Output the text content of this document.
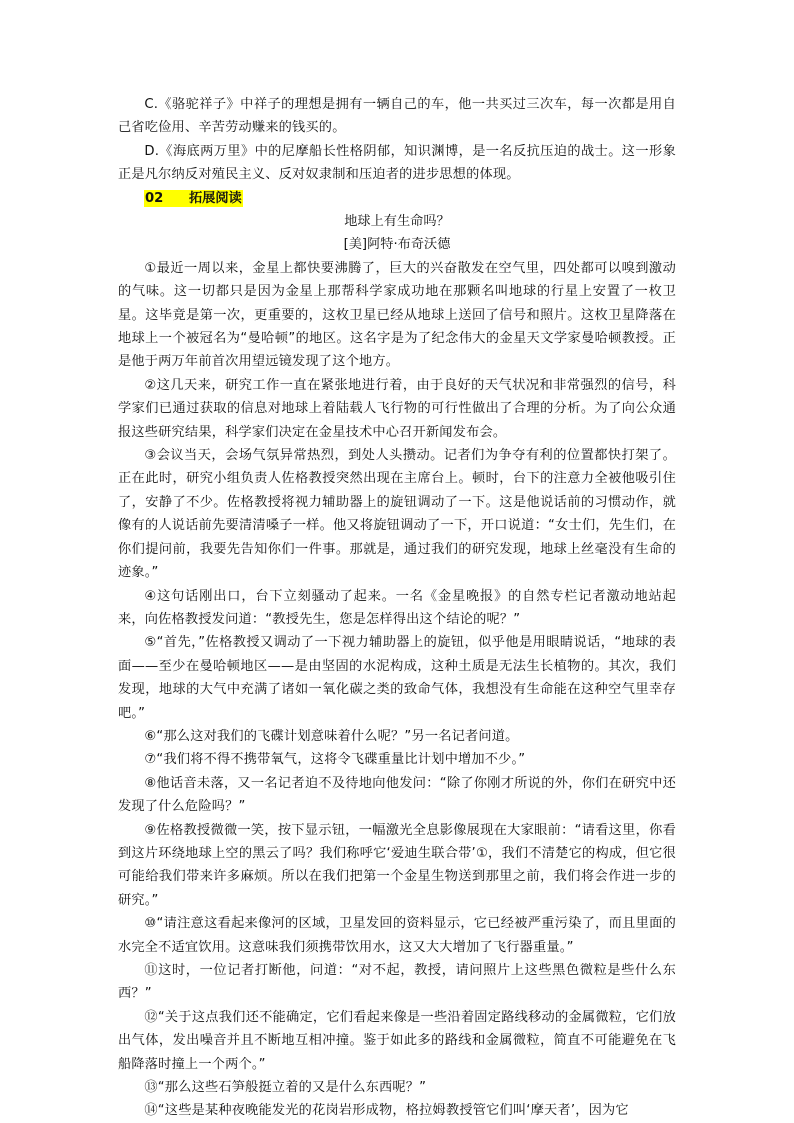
C.《骆驼祥子》中祥子的理想是拥有一辆自己的车，他一共买过三次车，每一次都是用自己省吃俭用、辛苦劳动赚来的钱买的。

D.《海底两万里》中的尼摩船长性格阴郁，知识渊博，是一名反抗压迫的战士。这一形象正是凡尔纳反对殖民主义、反对奴隶制和压迫者的进步思想的体现。

02 拓展阅读

地球上有生命吗？

[美]阿特·布奇沃德

①最近一周以来，金星上都快要沸腾了，巨大的兴奋散发在空气里，四处都可以嗅到激动的气味。这一切都只是因为金星上那帮科学家成功地在那颗名叫地球的行星上安置了一枚卫星。这毕竟是第一次，更重要的，这枚卫星已经从地球上送回了信号和照片。这枚卫星降落在地球上一个被冠名为“曼哈顿”的地区。这名字是为了纪念伟大的金星天文学家曼哈顿教授。正是他于两万年前首次用望远镜发现了这个地方。

②这几天来，研究工作一直在紧张地进行着，由于良好的天气状况和非常强烈的信号，科学家们已通过获取的信息对地球上着陆载人飞行物的可行性做出了合理的分析。为了向公众通报这些研究结果，科学家们决定在金星技术中心召开新闻发布会。

③会议当天，会场气氛异常热烈，到处人头攒动。记者们为争夺有利的位置都快打架了。正在此时，研究小组负责人佐格教授突然出现在主席台上。顿时，台下的注意力全被他吸引住了，安静了不少。佐格教授将视力辅助器上的旋钮调动了一下。这是他说话前的习惯动作，就像有的人说话前先要清清嗓子一样。他又将旋钮调动了一下，开口说道：“女士们，先生们，在你们提问前，我要先告知你们一件事。那就是，通过我们的研究发现，地球上丝毫没有生命的迹象。”

④这句话刚出口，台下立刻骚动了起来。一名《金星晚报》的自然专栏记者激动地站起来，向佐格教授发问道：“教授先生，您是怎样得出这个结论的呢？”

⑤“首先，”佐格教授又调动了一下视力辅助器上的旋钮，似乎他是用眼睛说话，“地球的表面——至少在曼哈顿地区——是由坚固的水泥构成，这种土质是无法生长植物的。其次，我们发现，地球的大气中充满了诸如一氧化碳之类的致命气体，我想没有生命能在这种空气里幸存吧。”

⑥“那么这对我们的飞碟计划意味着什么呢？”另一名记者问道。

⑦“我们将不得不携带氧气，这将令飞碟重量比计划中增加不少。”

⑧他话音未落，又一名记者迫不及待地向他发问：“除了你刚才所说的外，你们在研究中还发现了什么危险吗？”

⑨佐格教授微微一笑，按下显示钮，一幅激光全息影像展现在大家眼前：“请看这里，你看到这片环绕地球上空的黑云了吗？我们称呼它‘爱迪生联合带’①，我们不清楚它的构成，但它很可能给我们带来许多麻烦。所以在我们把第一个金星生物送到那里之前，我们将会作进一步的研究。”

⑩“请注意这看起来像河的区域，卫星发回的资料显示，它已经被严重污染了，而且里面的水完全不适宜饮用。这意味我们须携带饮用水，这又大大增加了飞行器重量。”

⑪这时，一位记者打断他，问道：“对不起，教授，请问照片上这些黑色微粒是些什么东西？”

⑫“关于这点我们还不能确定，它们看起来像是一些沿着固定路线移动的金属微粒，它们放出气体，发出噪音并且不断地互相冲撞。鉴于如此多的路线和金属微粒，简直不可能避免在飞船降落时撞上一个两个。”

⑬“那么这些石笋般挺立着的又是什么东西呢？”

⑭“这些是某种夜晚能发光的花岗岩形成物，格拉姆教授管它们叫‘摩天者’，因为它
